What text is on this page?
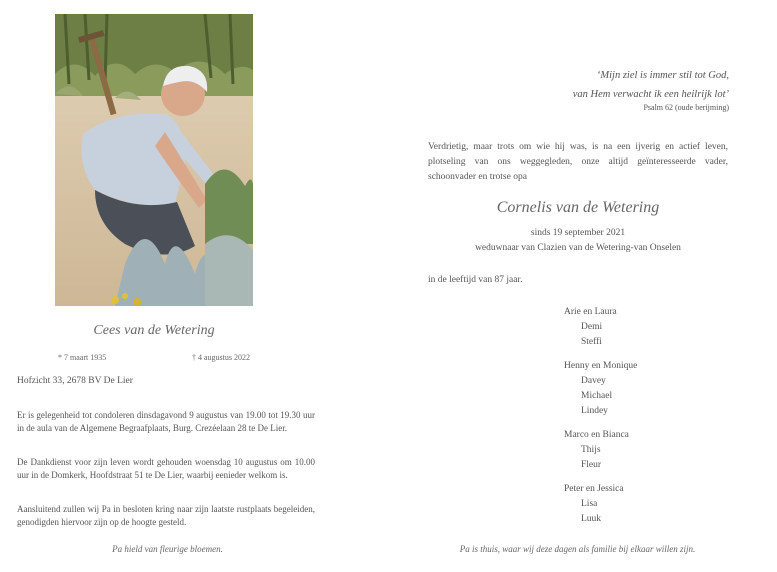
Cees van de Wetering
* 7 maart 1935	† 4 augustus 2022
Hofzicht 33, 2678 BV De Lier
Er is gelegenheid tot condoleren dinsdagavond 9 augustus van 19.00 tot 19.30 uur in de aula van de Algemene Begraafplaats, Burg. Crezéelaan 28 te De Lier.
De Dankdienst voor zijn leven wordt gehouden woensdag 10 augustus om 10.00 uur in de Domkerk, Hoofdstraat 51 te De Lier, waarbij eenieder welkom is.
Aansluitend zullen wij Pa in besloten kring naar zijn laatste rustplaats begeleiden, genodigden hiervoor zijn op de hoogte gesteld.
Pa hield van fleurige bloemen.
‘Mijn ziel is immer stil tot God,
van Hem verwacht ik een heilrijk lot’
Psalm 62 (oude berijming)
Verdrietig, maar trots om wie hij was, is na een ijverig en actief leven, plotseling van ons weggegleden, onze altijd geïnteresseerde vader, schoonvader en trotse opa
Cornelis van de Wetering
sinds 19 september 2021
weduwnaar van Clazien van de Wetering-van Onselen
in de leeftijd van 87 jaar.
Arie en Laura
Demi
Steffi
Henny en Monique
Davey
Michael
Lindey
Marco en Bianca
Thijs
Fleur
Peter en Jessica
Lisa
Luuk
Pa is thuis, waar wij deze dagen als familie bij elkaar willen zijn.
